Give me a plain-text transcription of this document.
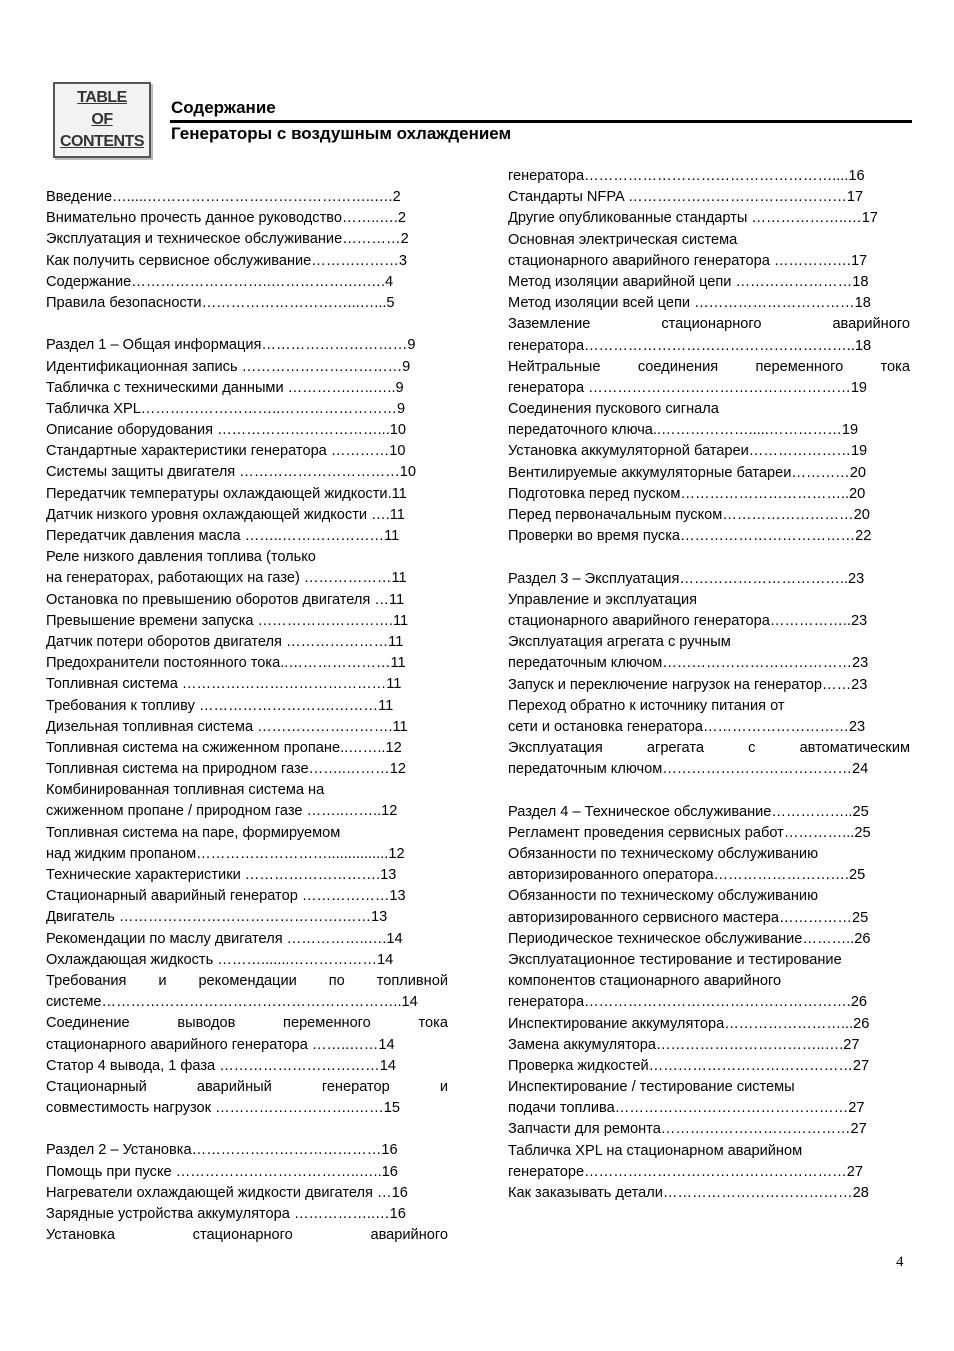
TABLE
OF
CONTENTS
Содержание
Генераторы с воздушным охлаждением
Введение….....………………………………………..….2
Внимательно прочесть данное руководство……..….2
Эксплуатация и техническое обслуживание…………2
Как получить сервисное обслуживание………………3
Содержание………………………..…………….….….4
Правила безопасности…………………………...…...5
Раздел 1 – Общая информация…………………………9
Идентификационная запись ……………………………9
Табличка с техническими данными ………….…..…..9
Табличка XPL………………………..……………………9
Описание оборудования ……………………………...10
Стандартные характеристики генератора …………10
Системы защиты двигателя ……………………………10
Передатчик температуры охлаждающей жидкости.11
Датчик низкого уровня охлаждающей жидкости ….11
Передатчик давления масла ……..…………………11
Реле низкого давления топлива (только
на генераторах, работающих на газе) ………………11
Остановка по превышению оборотов двигателя …11
Превышение времени запуска ……………………….11
Датчик потери оборотов двигателя …………………11
Предохранители постоянного тока..…………………11
Топливная система ……………………………………11
Требования к топливу ……………………….………11
Дизельная топливная система ……………………….11
Топливная система на сжиженном пропане..……..12
Топливная система на природном газе……..………12
Комбинированная топливная система на
сжиженном пропане / природном газе ……..……..12
Топливная система на паре, формируемом
над жидким пропаном………………………...............12
Технические характеристики ……………………….13
Стационарный аварийный генератор ………………13
Двигатель ……………………………………….……13
Рекомендации по маслу двигателя ……………..….14
Охлаждающая жидкость ……….......………………14
Требования и рекомендации по топливной
системе……………………………………………………..14
Соединение	выводов	переменного	тока
стационарного аварийного генератора ……..……14
Статор 4 вывода, 1 фаза ……………………………14
Стационарный	аварийный	генератор	и
совместимость нагрузок ………………………..……15
Раздел 2 – Установка…………………………………16
Помощь при пуске ………………………………..…..16
Нагреватели охлаждающей жидкости двигателя …16
Зарядные устройства аккумулятора ……………..…16
Установка	стационарного	аварийного
генератора……………………………………………....16
Стандарты NFPA ………………………………………17
Другие опубликованные стандарты ………………..…17
Основная электрическая система
стационарного аварийного генератора …………….17
Метод изоляции аварийной цепи ……………………18
Метод изоляции всей цепи ……………………………18
Заземление	стационарного	аварийного
генератора………………………………………………..18
Нейтральные	соединения	переменного	тока
генератора ………………………………………………19
Соединения пускового сигнала
передаточного ключа..……………….....……………19
Установка аккумуляторной батареи…………………19
Вентилируемые аккумуляторные батареи…………20
Подготовка перед пуском……………………………..20
Перед первоначальным пуском………………………20
Проверки во время пуска………………………………22
Раздел 3 – Эксплуатация……………………………..23
Управление и эксплуатация
стационарного аварийного генератора……………..23
Эксплуатация агрегата с ручным
передаточным ключом…………………………………23
Запуск и переключение нагрузок на генератор……23
Переход обратно к источнику питания от
сети и остановка генератора…………………………23
Эксплуатация	агрегата	с	автоматическим
передаточным ключом…………………………………24
Раздел 4 – Техническое обслуживание……………..25
Регламент проведения сервисных работ…………...25
Обязанности по техническому обслуживанию
авторизированного оператора……………………….25
Обязанности по техническому обслуживанию
авторизированного сервисного мастера……………25
Периодическое техническое обслуживание………..26
Эксплуатационное тестирование и тестирование
компонентов стационарного аварийного
генератора……………………………………………….26
Инспектирование аккумулятора……………………...26
Замена аккумулятора……………………………..….27
Проверка жидкостей……………………………………27
Инспектирование / тестирование системы
подачи топлива…………………………………………27
Запчасти для ремонта…………………………………27
Табличка XPL на стационарном аварийном
генераторе………………………………………………27
Как заказывать детали…………………………………28
4
